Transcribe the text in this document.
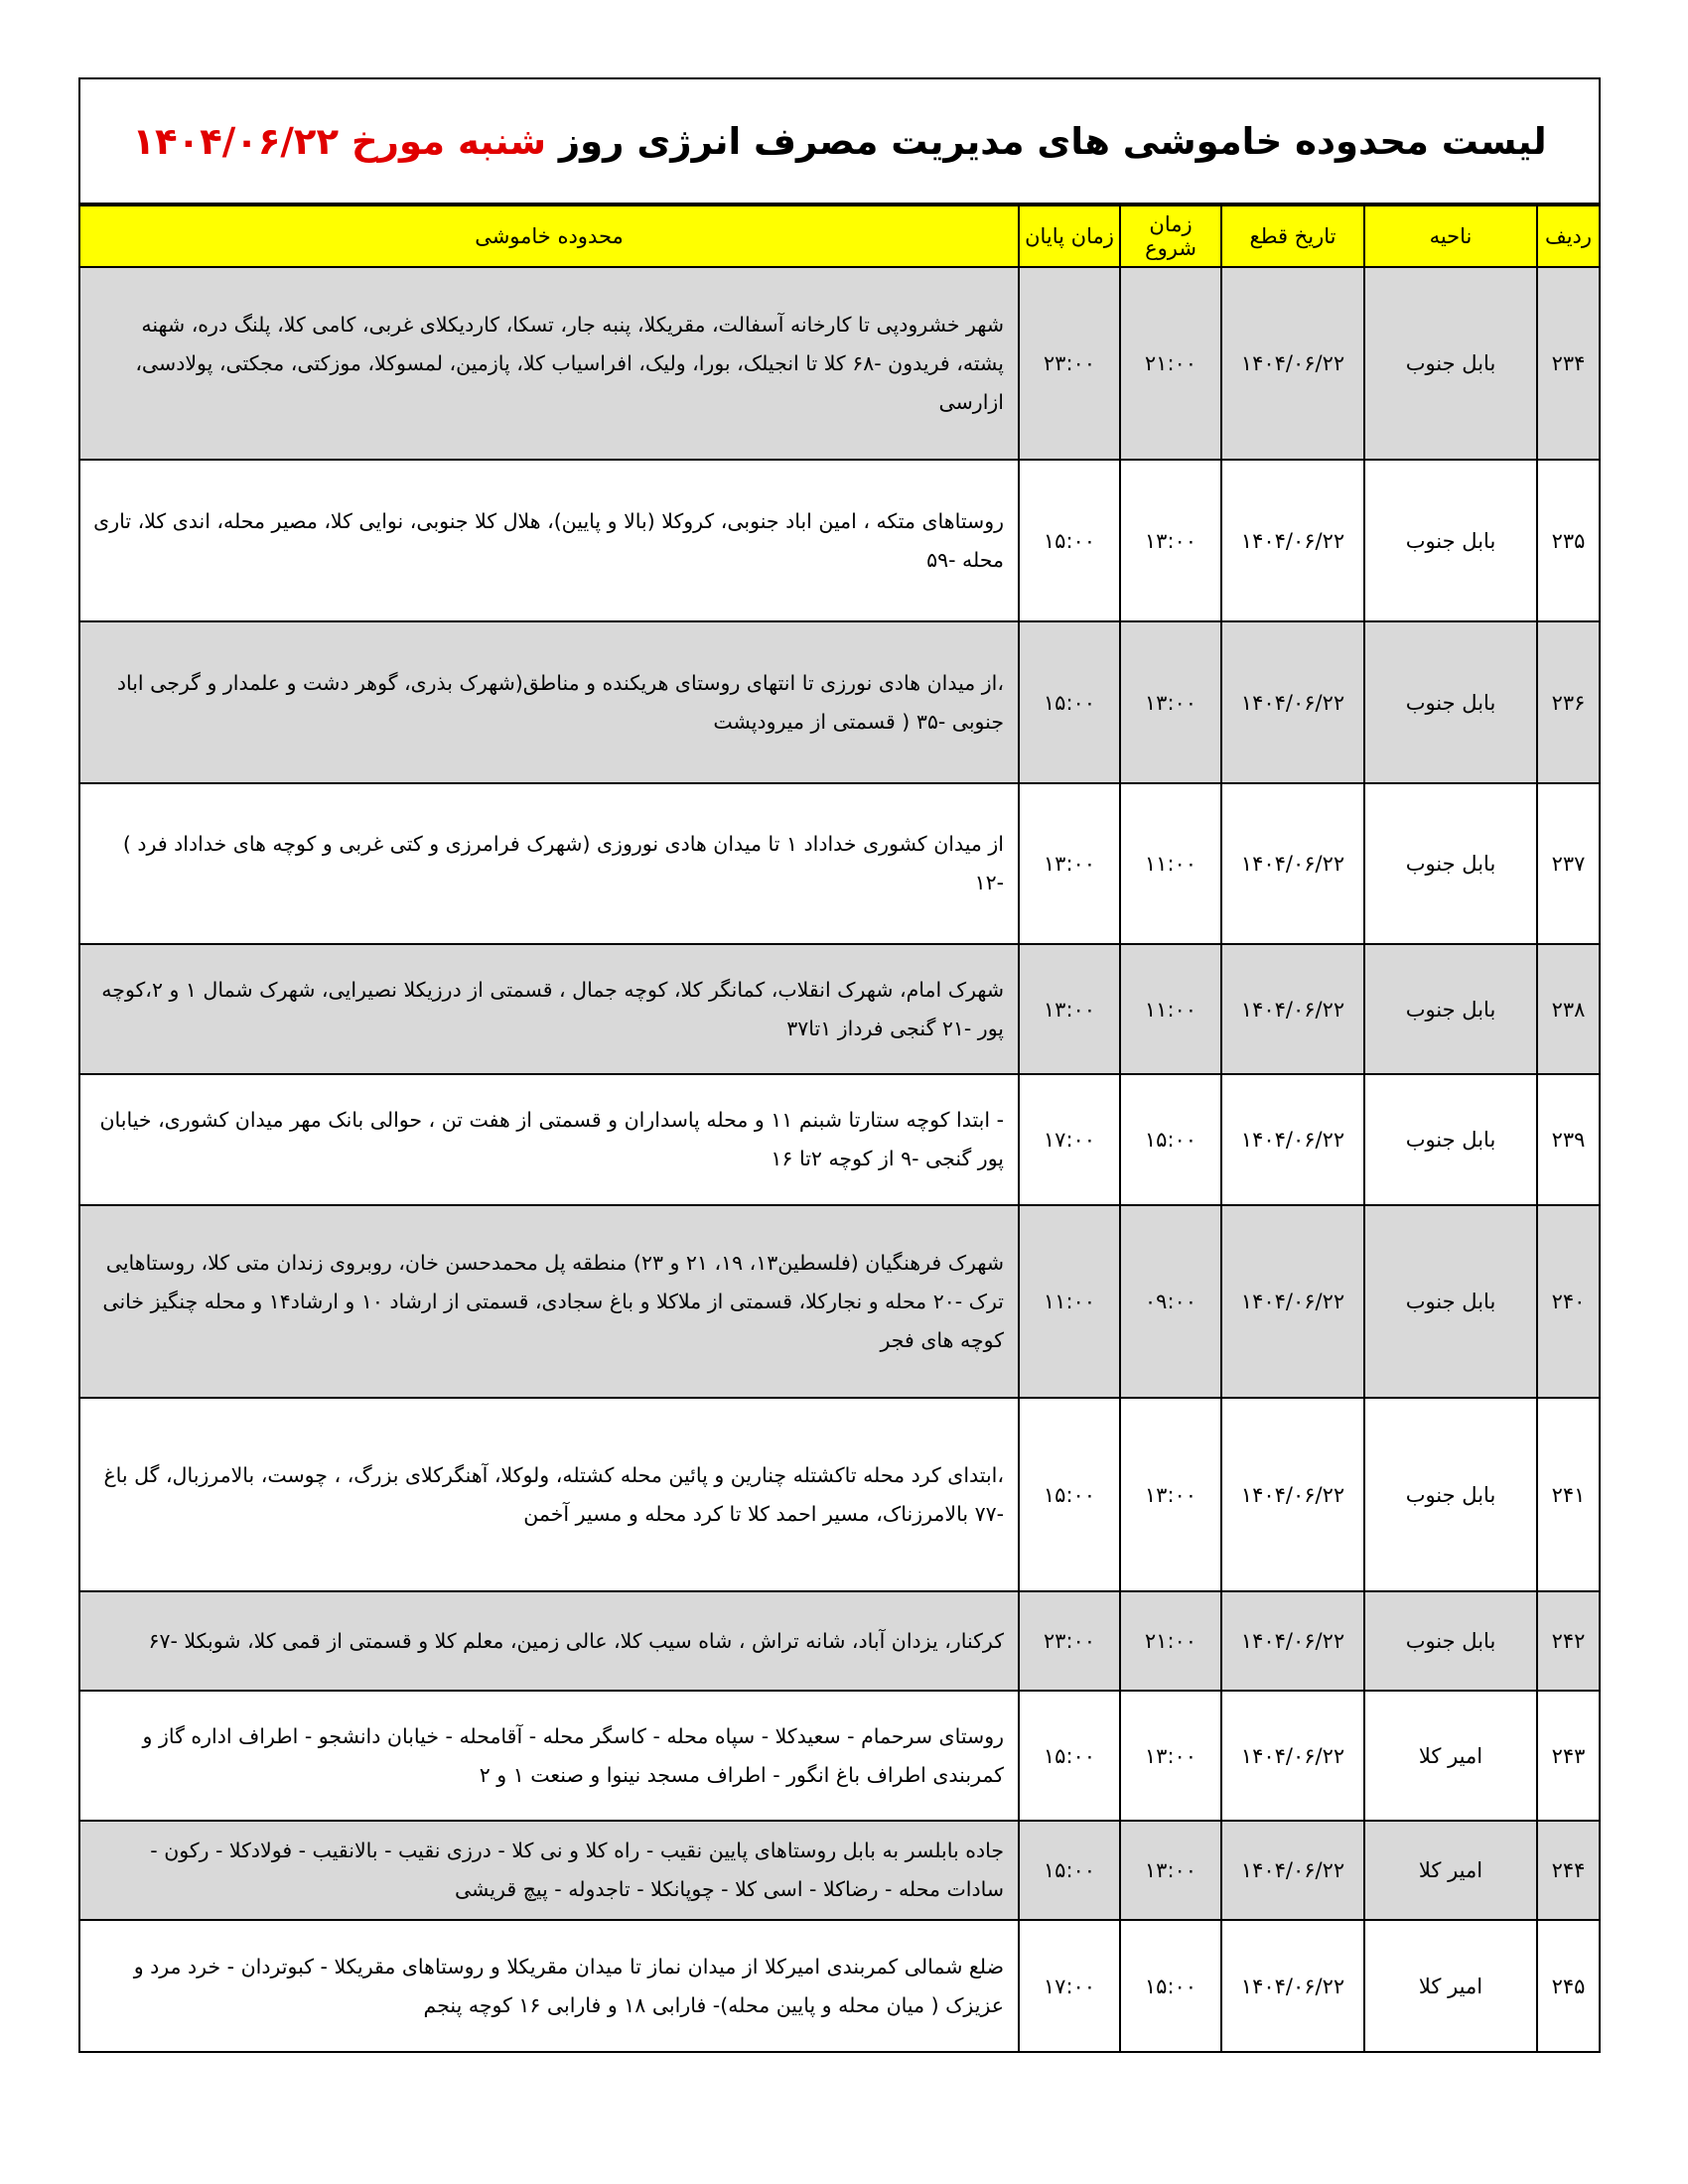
لیست محدوده خاموشی های مدیریت مصرف انرژی روز شنبه مورخ ۱۴۰۴/۰۶/۲۲
ردیف	ناحیه	تاریخ قطع	زمان شروع	زمان پایان	محدوده خاموشی
۲۳۴	بابل جنوب	۱۴۰۴/۰۶/۲۲	۲۱:۰۰	۲۳:۰۰	شهر خشرودپی تا کارخانه آسفالت، مقریکلا، پنبه جار، تسکا، کاردیکلای غربی، کامی کلا، پلنگ دره، شهنه پشته، فریدون -۶۸ کلا تا انجیلک، بورا، ولیک، افراسیاب کلا، پازمین، لمسوکلا، موزکتی، مجکتی، پولادسی، ازارسی
۲۳۵	بابل جنوب	۱۴۰۴/۰۶/۲۲	۱۳:۰۰	۱۵:۰۰	روستاهای متکه ، امین اباد جنوبی، کروکلا (بالا و پایین)، هلال کلا جنوبی، نوایی کلا، مصیر محله، اندی کلا، تاری محله -۵۹
۲۳۶	بابل جنوب	۱۴۰۴/۰۶/۲۲	۱۳:۰۰	۱۵:۰۰	،از میدان هادی نورزی تا انتهای روستای هریکنده و مناطق(شهرک بذری، گوهر دشت و علمدار و گرجی اباد جنوبی -۳۵ ( قسمتی از میرودپشت
۲۳۷	بابل جنوب	۱۴۰۴/۰۶/۲۲	۱۱:۰۰	۱۳:۰۰	از میدان کشوری خداداد ۱ تا میدان هادی نوروزی (شهرک فرامرزی و کتی غربی و کوچه های خداداد فرد ) -۱۲
۲۳۸	بابل جنوب	۱۴۰۴/۰۶/۲۲	۱۱:۰۰	۱۳:۰۰	شهرک امام، شهرک انقلاب، کمانگر کلا، کوچه جمال ، قسمتی از درزیکلا نصیرایی، شهرک شمال ۱ و ۲،کوچه پور -۲۱ گنجی فرداز ۱تا۳۷
۲۳۹	بابل جنوب	۱۴۰۴/۰۶/۲۲	۱۵:۰۰	۱۷:۰۰	- ابتدا کوچه ستارتا شبنم ۱۱ و محله پاسداران و قسمتی از هفت تن ، حوالی بانک مهر میدان کشوری، خیابان پور گنجی -۹ از کوچه ۲تا ۱۶
۲۴۰	بابل جنوب	۱۴۰۴/۰۶/۲۲	۰۹:۰۰	۱۱:۰۰	شهرک فرهنگیان (فلسطین۱۳، ۱۹، ۲۱ و ۲۳) منطقه پل محمدحسن خان، روبروی زندان متی کلا، روستاهایی ترک -۲۰ محله و نجارکلا، قسمتی از ملاکلا و باغ سجادی، قسمتی از ارشاد ۱۰ و ارشاد۱۴ و محله چنگیز خانی کوچه های فجر
۲۴۱	بابل جنوب	۱۴۰۴/۰۶/۲۲	۱۳:۰۰	۱۵:۰۰	،ابتدای کرد محله تاکشتله چنارین و پائین محله کشتله، ولوکلا، آهنگرکلای بزرگ، ، چوست، بالامرزبال، گل باغ -۷۷ بالامرزناک، مسیر احمد کلا تا کرد محله و مسیر آخمن
۲۴۲	بابل جنوب	۱۴۰۴/۰۶/۲۲	۲۱:۰۰	۲۳:۰۰	کرکنار، یزدان آباد، شانه تراش ، شاه سیب کلا، عالی زمین، معلم کلا و قسمتی از قمی کلا، شوبکلا -۶۷
۲۴۳	امیر کلا	۱۴۰۴/۰۶/۲۲	۱۳:۰۰	۱۵:۰۰	روستای سرحمام - سعیدکلا - سپاه محله - کاسگر محله - آقامحله - خیابان دانشجو - اطراف اداره گاز و کمربندی اطراف باغ انگور - اطراف مسجد نینوا و صنعت ۱ و ۲
۲۴۴	امیر کلا	۱۴۰۴/۰۶/۲۲	۱۳:۰۰	۱۵:۰۰	جاده بابلسر به بابل روستاهای پایین نقیب - راه کلا و نی کلا - درزی نقیب - بالانقیب - فولادکلا - رکون - سادات محله - رضاکلا - اسی کلا - چوپانکلا - تاجدوله - پیچ قریشی
۲۴۵	امیر کلا	۱۴۰۴/۰۶/۲۲	۱۵:۰۰	۱۷:۰۰	ضلع شمالی کمربندی امیرکلا از میدان نماز تا میدان مقریکلا و روستاهای مقریکلا - کبوتردان - خرد مرد و عزیزک ( میان محله و پایین محله)- فارابی ۱۸ و فارابی ۱۶ کوچه پنجم
